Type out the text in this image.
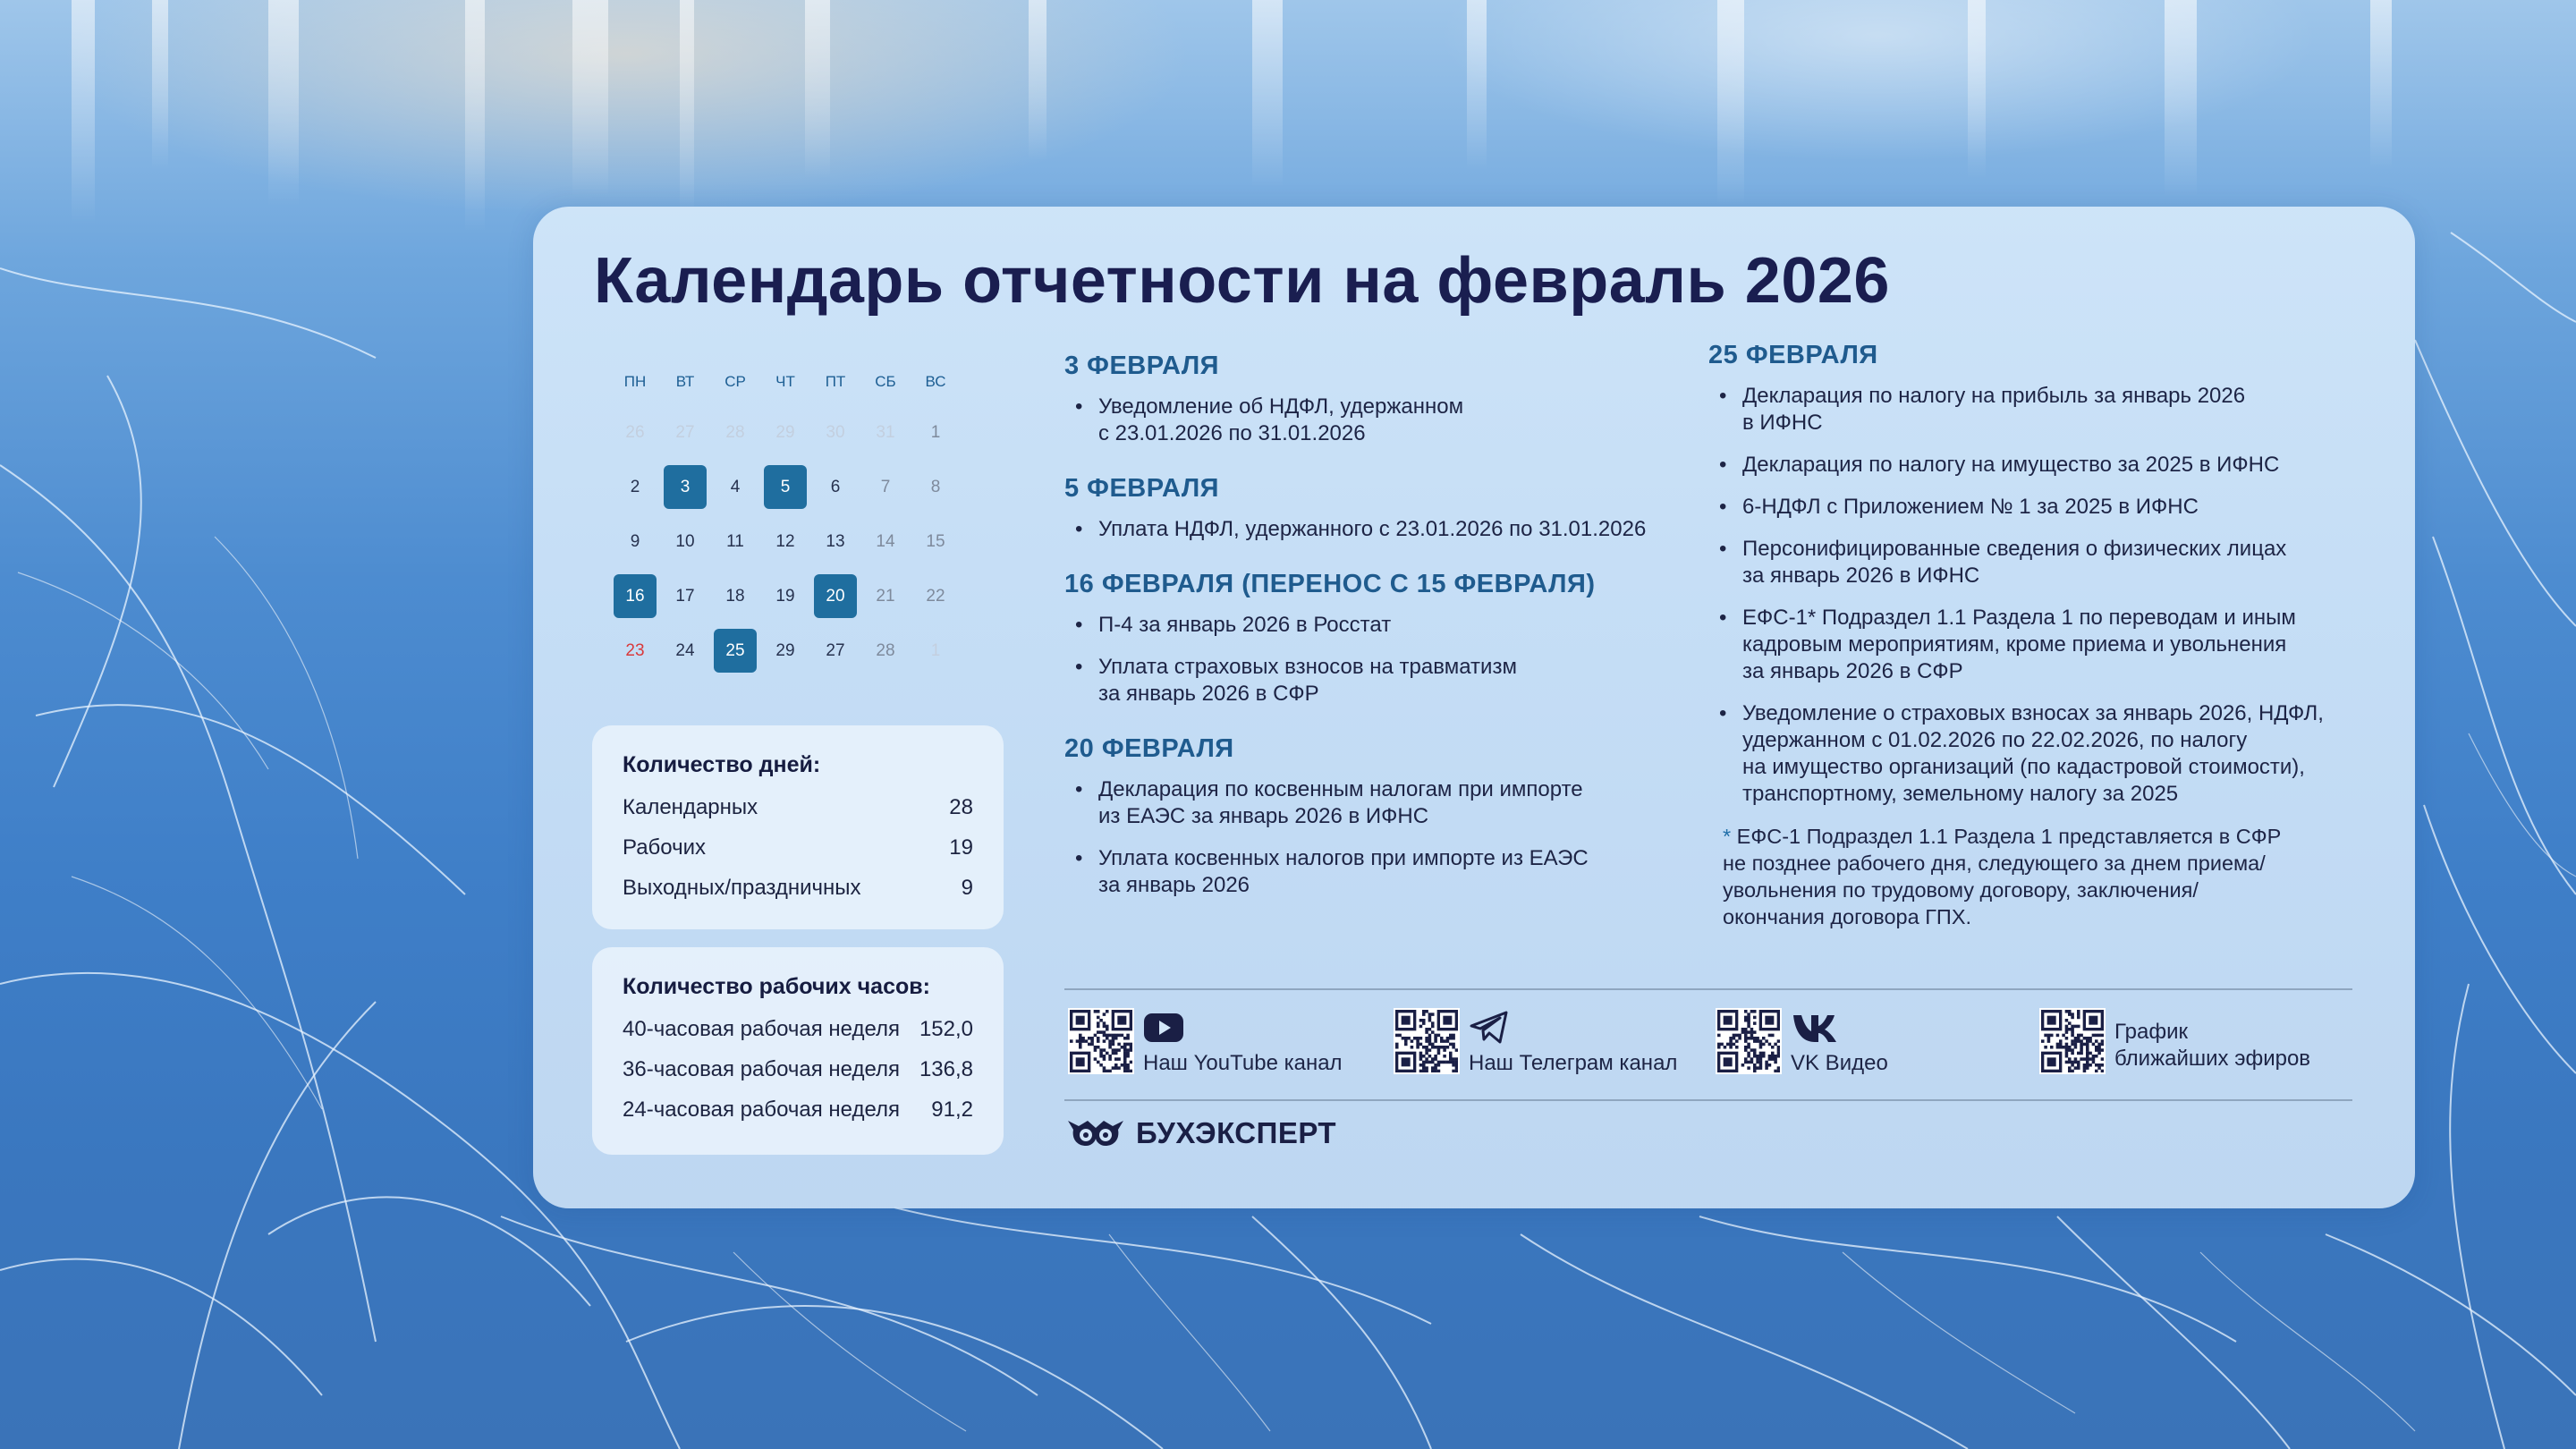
Календарь отчетности на февраль 2026
ПН	ВТ	СР	ЧТ	ПТ	СБ	ВС
26	27	28	29	30	31	1
2	3	4	5	6	7	8
9	10	11	12	13	14	15
16	17	18	19	20	21	22
23	24	25	29	27	28	1
Количество дней:
Календарных	28
Рабочих	19
Выходных/праздничных	9
Количество рабочих часов:
40-часовая рабочая неделя 152,0
36-часовая рабочая неделя 136,8
24-часовая рабочая неделя 91,2
3 ФЕВРАЛЯ
• Уведомление об НДФЛ, удержанном
с 23.01.2026 по 31.01.2026
5 ФЕВРАЛЯ
• Уплата НДФЛ, удержанного с 23.01.2026 по 31.01.2026
16 ФЕВРАЛЯ (ПЕРЕНОС С 15 ФЕВРАЛЯ)
• П-4 за январь 2026 в Росстат
• Уплата страховых взносов на травматизм
за январь 2026 в СФР
20 ФЕВРАЛЯ
• Декларация по косвенным налогам при импорте
из ЕАЭС за январь 2026 в ИФНС
• Уплата косвенных налогов при импорте из ЕАЭС
за январь 2026
25 ФЕВРАЛЯ
• Декларация по налогу на прибыль за январь 2026
в ИФНС
• Декларация по налогу на имущество за 2025 в ИФНС
• 6-НДФЛ с Приложением № 1 за 2025 в ИФНС
• Персонифицированные сведения о физических лицах
за январь 2026 в ИФНС
• ЕФС-1* Подраздел 1.1 Раздела 1 по переводам и иным
кадровым мероприятиям, кроме приема и увольнения
за январь 2026 в СФР
• Уведомление о страховых взносах за январь 2026, НДФЛ,
удержанном с 01.02.2026 по 22.02.2026, по налогу
на имущество организаций (по кадастровой стоимости),
транспортному, земельному налогу за 2025
* ЕФС-1 Подраздел 1.1 Раздела 1 представляется в СФР
не позднее рабочего дня, следующего за днем приема/
увольнения по трудовому договору, заключения/
окончания договора ГПХ.
Наш YouTube канал	Наш Телеграм канал	VK Видео
График
ближайших эфиров
БУХЭКСПЕРТ
